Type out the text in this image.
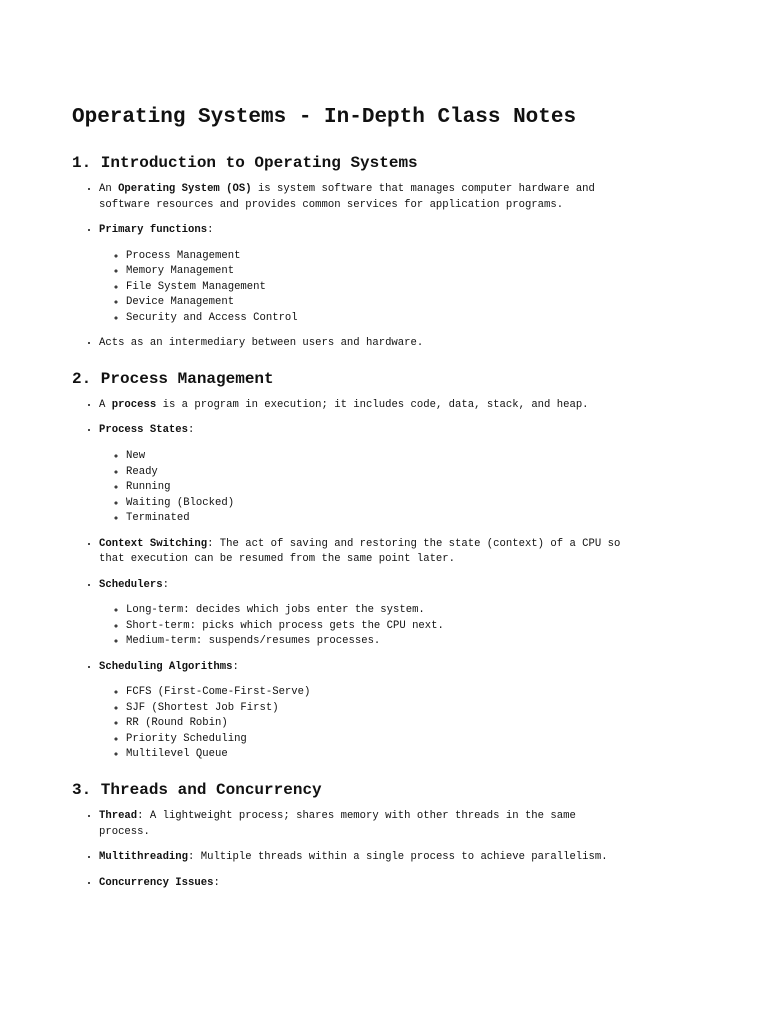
Operating Systems - In-Depth Class Notes
1. Introduction to Operating Systems
• An Operating System (OS) is system software that manages computer hardware and software resources and provides common services for application programs.
• Primary functions:
◦ Process Management
◦ Memory Management
◦ File System Management
◦ Device Management
◦ Security and Access Control
• Acts as an intermediary between users and hardware.
2. Process Management
• A process is a program in execution; it includes code, data, stack, and heap.
• Process States:
◦ New
◦ Ready
◦ Running
◦ Waiting (Blocked)
◦ Terminated
• Context Switching: The act of saving and restoring the state (context) of a CPU so that execution can be resumed from the same point later.
• Schedulers:
◦ Long-term: decides which jobs enter the system.
◦ Short-term: picks which process gets the CPU next.
◦ Medium-term: suspends/resumes processes.
• Scheduling Algorithms:
◦ FCFS (First-Come-First-Serve)
◦ SJF (Shortest Job First)
◦ RR (Round Robin)
◦ Priority Scheduling
◦ Multilevel Queue
3. Threads and Concurrency
• Thread: A lightweight process; shares memory with other threads in the same process.
• Multithreading: Multiple threads within a single process to achieve parallelism.
• Concurrency Issues:
